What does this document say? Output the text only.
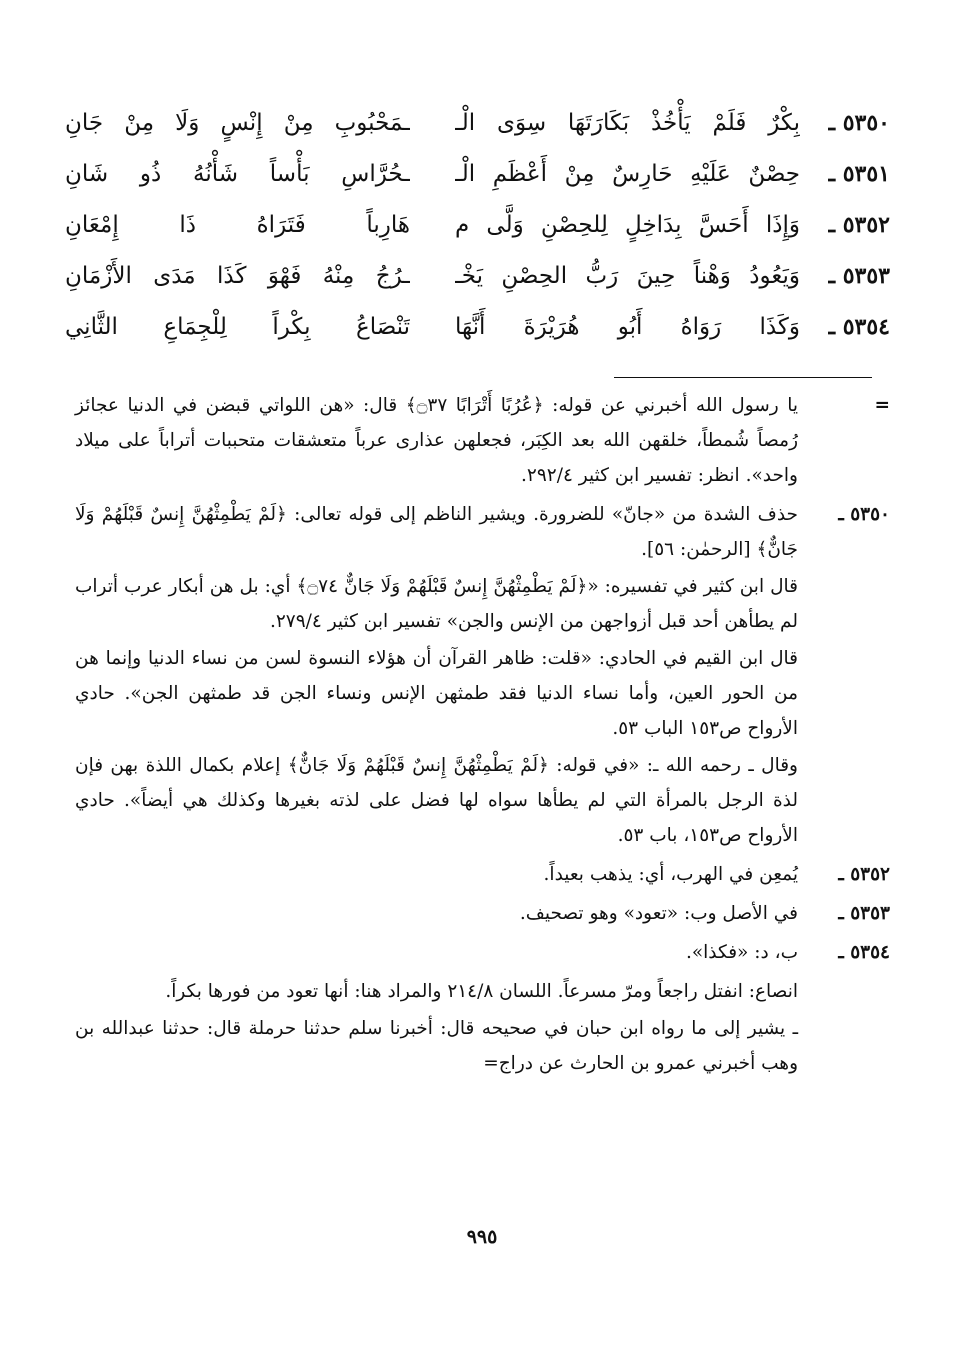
٥٣٥٠ ـ
بِكْرٌ فَلَمْ يَأْخُذْ بَكَارَتَهَا سِوَى الْـ
ـمَحْبُوبِ مِنْ إِنْسٍ وَلَا مِنْ جَانِ
٥٣٥١ ـ
حِصْنٌ عَلَيْهِ حَارِسٌ مِنْ أَعْظَمِ الْـ
ـحُرَّاسِ بَأْساً شَأْنُهُ ذُو شَانِ
٥٣٥٢ ـ
وَإِذَا أَحَسَّ بِدَاخِلٍ لِلحِصْنِ وَلَّى م
هَارِباً فَتَرَاهُ ذَا إِمْعَانِ
٥٣٥٣ ـ
وَيَعُودُ وَهْناً حِينَ رَبُّ الحِصْنِ يَخْـ
ـرُجُ مِنْهُ فَهْوَ كَذَا مَدَى الأَزْمَانِ
٥٣٥٤ ـ
وَكَذَا رَوَاهُ أَبُو هُرَيْرَةَ أَنَّهَا
تَنْصَاعُ بِكْراً لِلْجِمَاعِ الثَّانِي
=

يا رسول الله أخبرني عن قوله: ﴿عُرُبًا أَتْرَابًا ۝٣٧﴾ قال: «هن اللواتي قبضن في الدنيا عجائز رُمصاً شُمطاً، خلقهن الله بعد الكِبَر، فجعلهن عذارى عرباً متعشقات متحببات أتراباً على ميلاد واحد». انظر: تفسير ابن كثير ٢٩٢/٤.

٥٣٥٠ ـ

حذف الشدة من «جانّ» للضرورة. ويشير الناظم إلى قوله تعالى: ﴿لَمْ يَطْمِثْهُنَّ إِنسٌ قَبْلَهُمْ وَلَا جَانٌّ﴾ [الرحمٰن: ٥٦].

قال ابن كثير في تفسيره: «﴿لَمْ يَطْمِثْهُنَّ إِنسٌ قَبْلَهُمْ وَلَا جَانٌّ ۝٧٤﴾ أي: بل هن أبكار عرب أتراب لم يطأهن أحد قبل أزواجهن من الإنس والجن» تفسير ابن كثير ٢٧٩/٤.

قال ابن القيم في الحادي: «قلت: ظاهر القرآن أن هؤلاء النسوة لسن من نساء الدنيا وإنما هن من الحور العين، وأما نساء الدنيا فقد طمثهن الإنس ونساء الجن قد طمثهن الجن». حادي الأرواح ص١٥٣ الباب ٥٣.

وقال ـ رحمه الله ـ: «في قوله: ﴿لَمْ يَطْمِثْهُنَّ إِنسٌ قَبْلَهُمْ وَلَا جَانٌّ﴾ إعلام بكمال اللذة بهن فإن لذة الرجل بالمرأة التي لم يطأها سواه لها فضل على لذته بغيرها وكذلك هي أيضاً». حادي الأرواح ص١٥٣، باب ٥٣.

٥٣٥٢ ـ

يُمعِن في الهرب، أي: يذهب بعيداً.

٥٣٥٣ ـ

في الأصل وب: «تعود» وهو تصحيف.

٥٣٥٤ ـ

ب، د: «فكذا».

انصاع: انفتل راجعاً ومرّ مسرعاً. اللسان ٢١٤/٨ والمراد هنا: أنها تعود من فورها بكراً.

ـ يشير إلى ما رواه ابن حبان في صحيحه قال: أخبرنا سلم حدثنا حرملة قال: حدثنا عبدالله بن وهب أخبرني عمرو بن الحارث عن دراج=

٩٩٥
